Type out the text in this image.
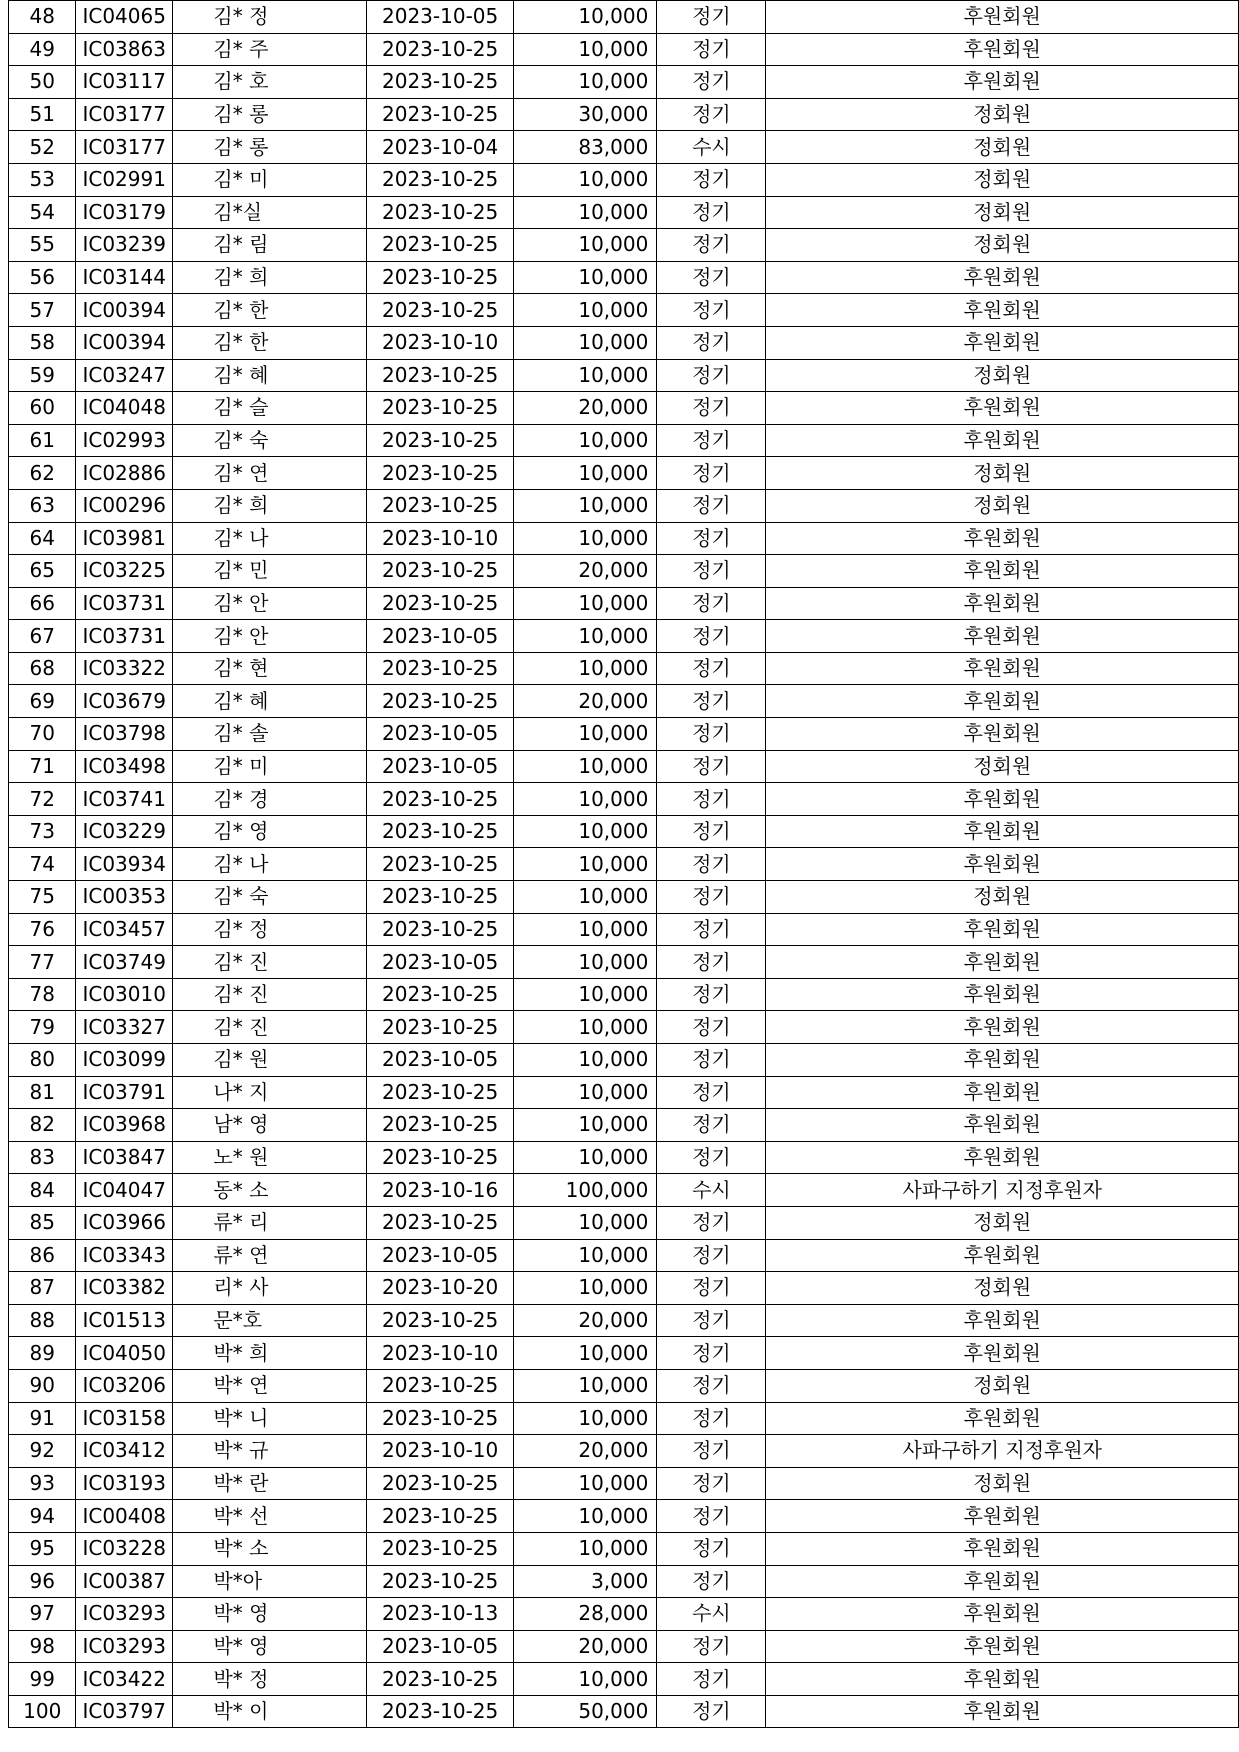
48	IC04065	김* 정	2023-10-05	10,000	정기	후원회원
49	IC03863	김* 주	2023-10-25	10,000	정기	후원회원
50	IC03117	김* 호	2023-10-25	10,000	정기	후원회원
51	IC03177	김* 롱	2023-10-25	30,000	정기	정회원
52	IC03177	김* 롱	2023-10-04	83,000	수시	정회원
53	IC02991	김* 미	2023-10-25	10,000	정기	정회원
54	IC03179	김*실	2023-10-25	10,000	정기	정회원
55	IC03239	김* 림	2023-10-25	10,000	정기	정회원
56	IC03144	김* 희	2023-10-25	10,000	정기	후원회원
57	IC00394	김* 한	2023-10-25	10,000	정기	후원회원
58	IC00394	김* 한	2023-10-10	10,000	정기	후원회원
59	IC03247	김* 혜	2023-10-25	10,000	정기	정회원
60	IC04048	김* 슬	2023-10-25	20,000	정기	후원회원
61	IC02993	김* 숙	2023-10-25	10,000	정기	후원회원
62	IC02886	김* 연	2023-10-25	10,000	정기	정회원
63	IC00296	김* 희	2023-10-25	10,000	정기	정회원
64	IC03981	김* 나	2023-10-10	10,000	정기	후원회원
65	IC03225	김* 민	2023-10-25	20,000	정기	후원회원
66	IC03731	김* 안	2023-10-25	10,000	정기	후원회원
67	IC03731	김* 안	2023-10-05	10,000	정기	후원회원
68	IC03322	김* 현	2023-10-25	10,000	정기	후원회원
69	IC03679	김* 혜	2023-10-25	20,000	정기	후원회원
70	IC03798	김* 솔	2023-10-05	10,000	정기	후원회원
71	IC03498	김* 미	2023-10-05	10,000	정기	정회원
72	IC03741	김* 경	2023-10-25	10,000	정기	후원회원
73	IC03229	김* 영	2023-10-25	10,000	정기	후원회원
74	IC03934	김* 나	2023-10-25	10,000	정기	후원회원
75	IC00353	김* 숙	2023-10-25	10,000	정기	정회원
76	IC03457	김* 정	2023-10-25	10,000	정기	후원회원
77	IC03749	김* 진	2023-10-05	10,000	정기	후원회원
78	IC03010	김* 진	2023-10-25	10,000	정기	후원회원
79	IC03327	김* 진	2023-10-25	10,000	정기	후원회원
80	IC03099	김* 원	2023-10-05	10,000	정기	후원회원
81	IC03791	나* 지	2023-10-25	10,000	정기	후원회원
82	IC03968	남* 영	2023-10-25	10,000	정기	후원회원
83	IC03847	노* 원	2023-10-25	10,000	정기	후원회원
84	IC04047	동* 소	2023-10-16	100,000	수시	사파구하기 지정후원자
85	IC03966	류* 리	2023-10-25	10,000	정기	정회원
86	IC03343	류* 연	2023-10-05	10,000	정기	후원회원
87	IC03382	리* 사	2023-10-20	10,000	정기	정회원
88	IC01513	문*호	2023-10-25	20,000	정기	후원회원
89	IC04050	박* 희	2023-10-10	10,000	정기	후원회원
90	IC03206	박* 연	2023-10-25	10,000	정기	정회원
91	IC03158	박* 니	2023-10-25	10,000	정기	후원회원
92	IC03412	박* 규	2023-10-10	20,000	정기	사파구하기 지정후원자
93	IC03193	박* 란	2023-10-25	10,000	정기	정회원
94	IC00408	박* 선	2023-10-25	10,000	정기	후원회원
95	IC03228	박* 소	2023-10-25	10,000	정기	후원회원
96	IC00387	박*아	2023-10-25	3,000	정기	후원회원
97	IC03293	박* 영	2023-10-13	28,000	수시	후원회원
98	IC03293	박* 영	2023-10-05	20,000	정기	후원회원
99	IC03422	박* 정	2023-10-25	10,000	정기	후원회원
100	IC03797	박* 이	2023-10-25	50,000	정기	후원회원
